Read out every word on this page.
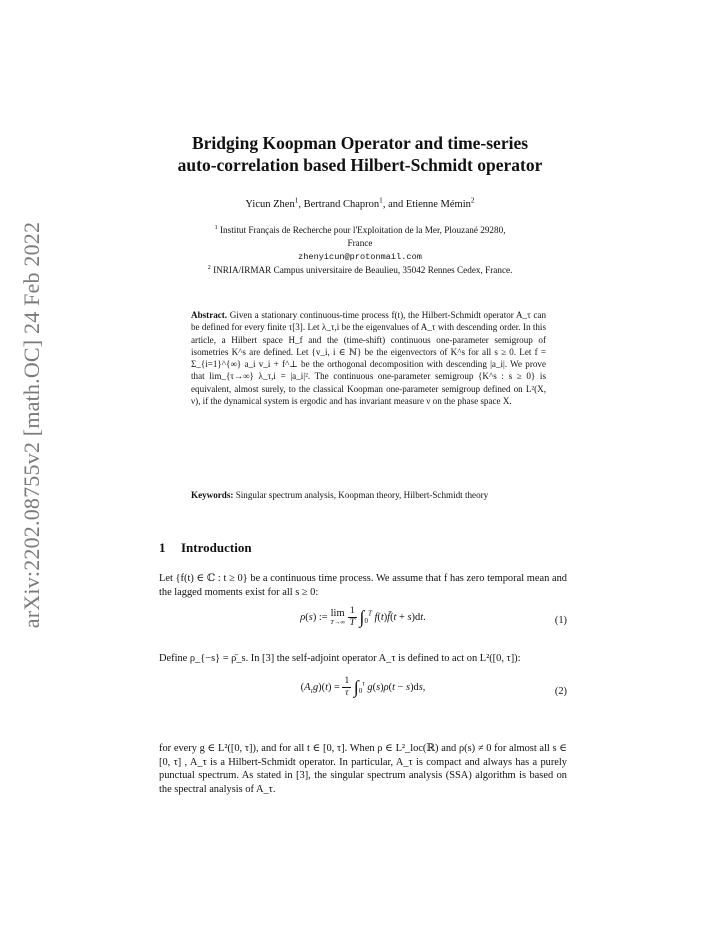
arXiv:2202.08755v2 [math.OC] 24 Feb 2022
Bridging Koopman Operator and time-series
auto-correlation based Hilbert-Schmidt operator
Yicun Zhen$^1$, Bertrand Chapron$^1$, and Etienne Mémin$^2$
$^1$ Institut Français de Recherche pour l'Exploitation de la Mer, Plouzané 29280,
France
zhenyicun@protonmail.com
$^2$ INRIA/IRMAR Campus universitaire de Beaulieu, 35042 Rennes Cedex, France.
Abstract. Given a stationary continuous-time process f(t), the Hilbert-Schmidt operator A_τ can be defined for every finite τ[3]. Let λ_τ,i be the eigenvalues of A_τ with descending order. In this article, a Hilbert space H_f and the (time-shift) continuous one-parameter semigroup of isometries K^s are defined. Let {v_i, i ∈ ℕ} be the eigenvectors of K^s for all s ≥ 0. Let f = Σ_{i=1}^{∞} a_i v_i + f^⊥ be the orthogonal decomposition with descending |a_i|. We prove that lim_{τ→∞} λ_τ,i = |a_i|². The continuous one-parameter semigroup {K^s : s ≥ 0} is equivalent, almost surely, to the classical Koopman one-parameter semigroup defined on L²(X, ν), if the dynamical system is ergodic and has invariant measure ν on the phase space X.
Keywords: Singular spectrum analysis, Koopman theory, Hilbert-Schmidt theory
1 Introduction
Let {f(t) ∈ ℂ : t ≥ 0} be a continuous time process. We assume that f has zero temporal mean and the lagged moments exist for all s ≥ 0:
ρ(s) := lim
T→∞
$\frac{1}{T} \int_0^T$ f(t)f̄(t + s)dt.	(1)
Define ρ_{−s} = ρ̄_s. In [3] the self-adjoint operator A_τ is defined to act on L²([0, τ]):
$(A_\tau g)(t) = \frac{1}{\tau} \int_0^\tau$ g(s)ρ(t − s)ds,	(2)
for every g ∈ L²([0, τ]), and for all t ∈ [0, τ]. When ρ ∈ L²_loc(ℝ) and ρ(s) ≠ 0 for almost all s ∈ [0, τ] , A_τ is a Hilbert-Schmidt operator. In particular, A_τ is compact and always has a purely punctual spectrum. As stated in [3], the singular spectrum analysis (SSA) algorithm is based on the spectral analysis of A_τ.
